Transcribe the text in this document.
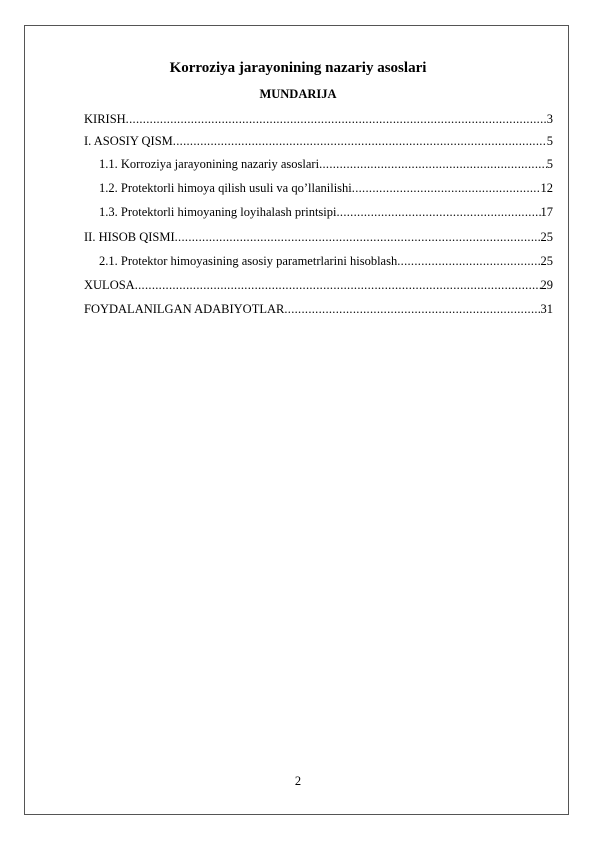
Korroziya jarayonining nazariy asoslari
MUNDARIJA
KIRISH .....	3
I. ASOSIY QISM .....	5
1.1. Korroziya jarayonining nazariy asoslari .....	5
1.2. Protektorli himoya qilish usuli va qo’llanilishi .....	12
1.3. Protektorli himoyaning loyihalash printsipi .....	17
II. HISOB QISMI .....	25
2.1. Protektor himoyasining asosiy parametrlarini hisoblash .....	25
XULOSA .....	29
FOYDALANILGAN ADABIYOTLAR .....	31
2
